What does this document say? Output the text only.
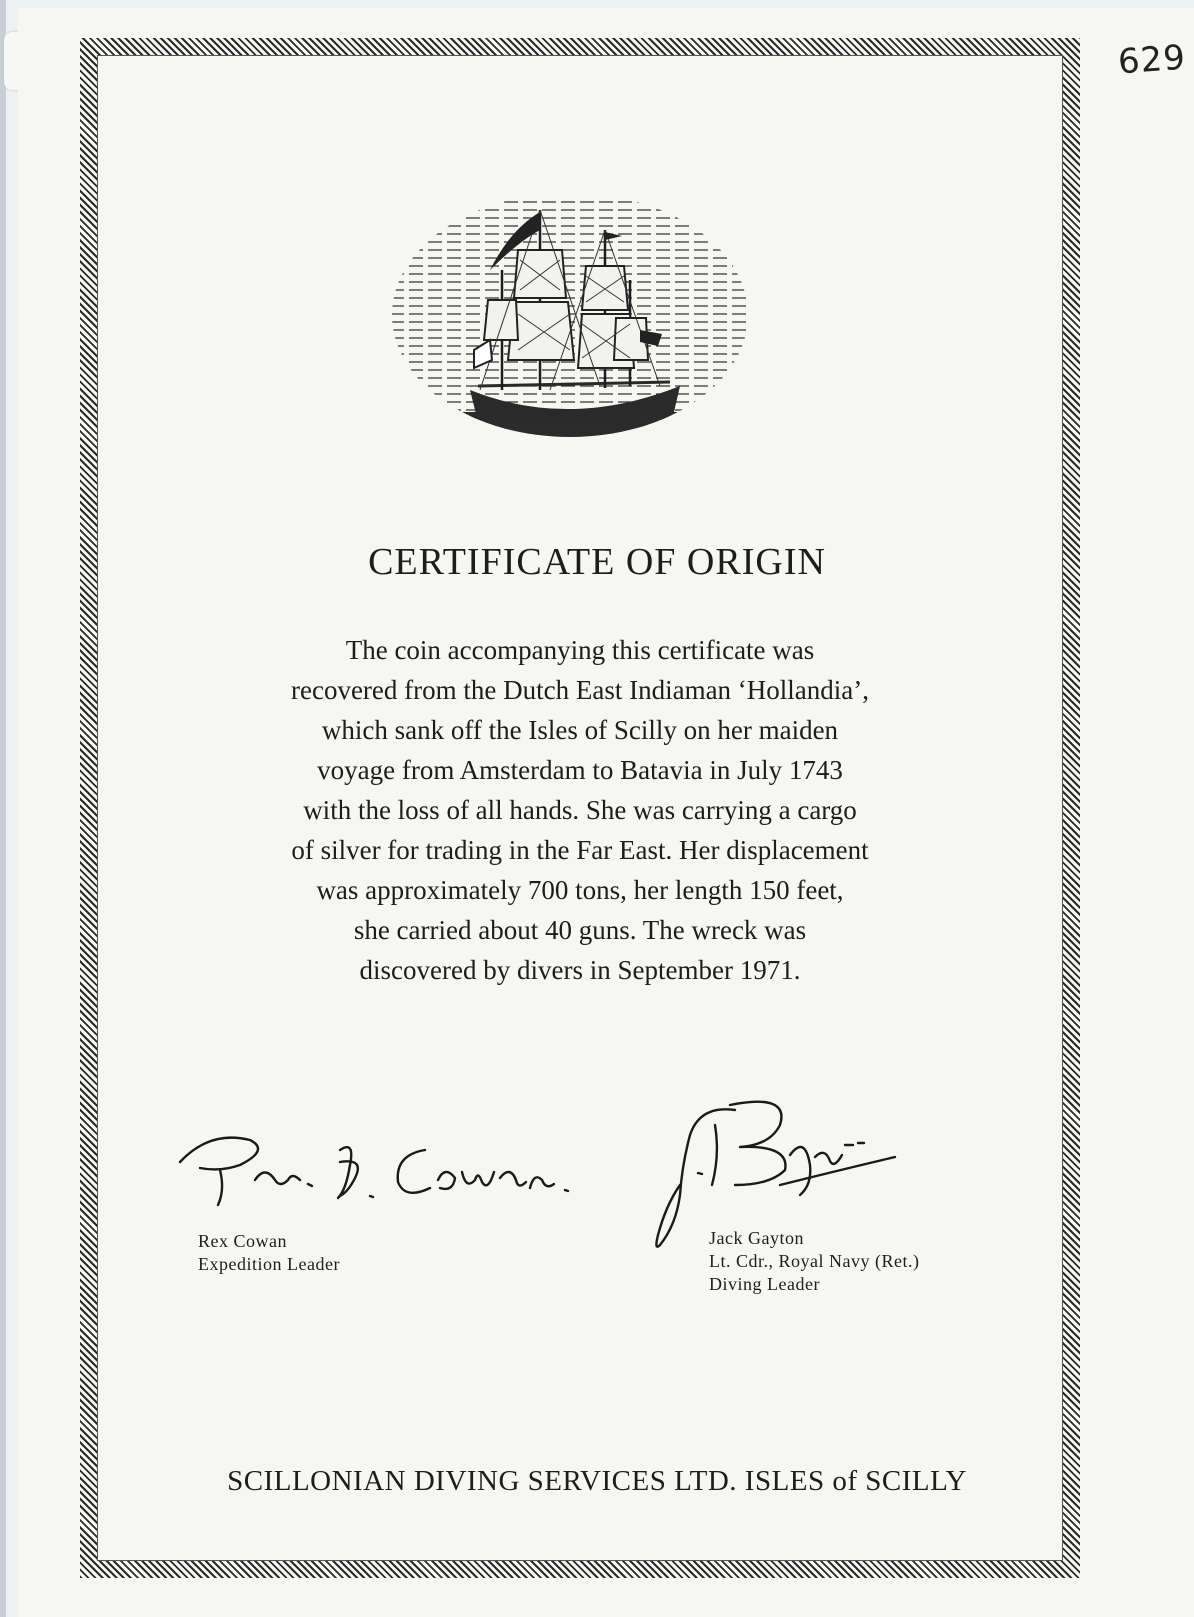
629
CERTIFICATE OF ORIGIN
The coin accompanying this certificate was
recovered from the Dutch East Indiaman ‘Hollandia’,
which sank off the Isles of Scilly on her maiden
voyage from Amsterdam to Batavia in July 1743
with the loss of all hands. She was carrying a cargo
of silver for trading in the Far East. Her displacement
was approximately 700 tons, her length 150 feet,
she carried about 40 guns. The wreck was
discovered by divers in September 1971.
Rex Cowan
Expedition Leader
Jack Gayton
Lt. Cdr., Royal Navy (Ret.)
Diving Leader
SCILLONIAN DIVING SERVICES LTD. ISLES of SCILLY
